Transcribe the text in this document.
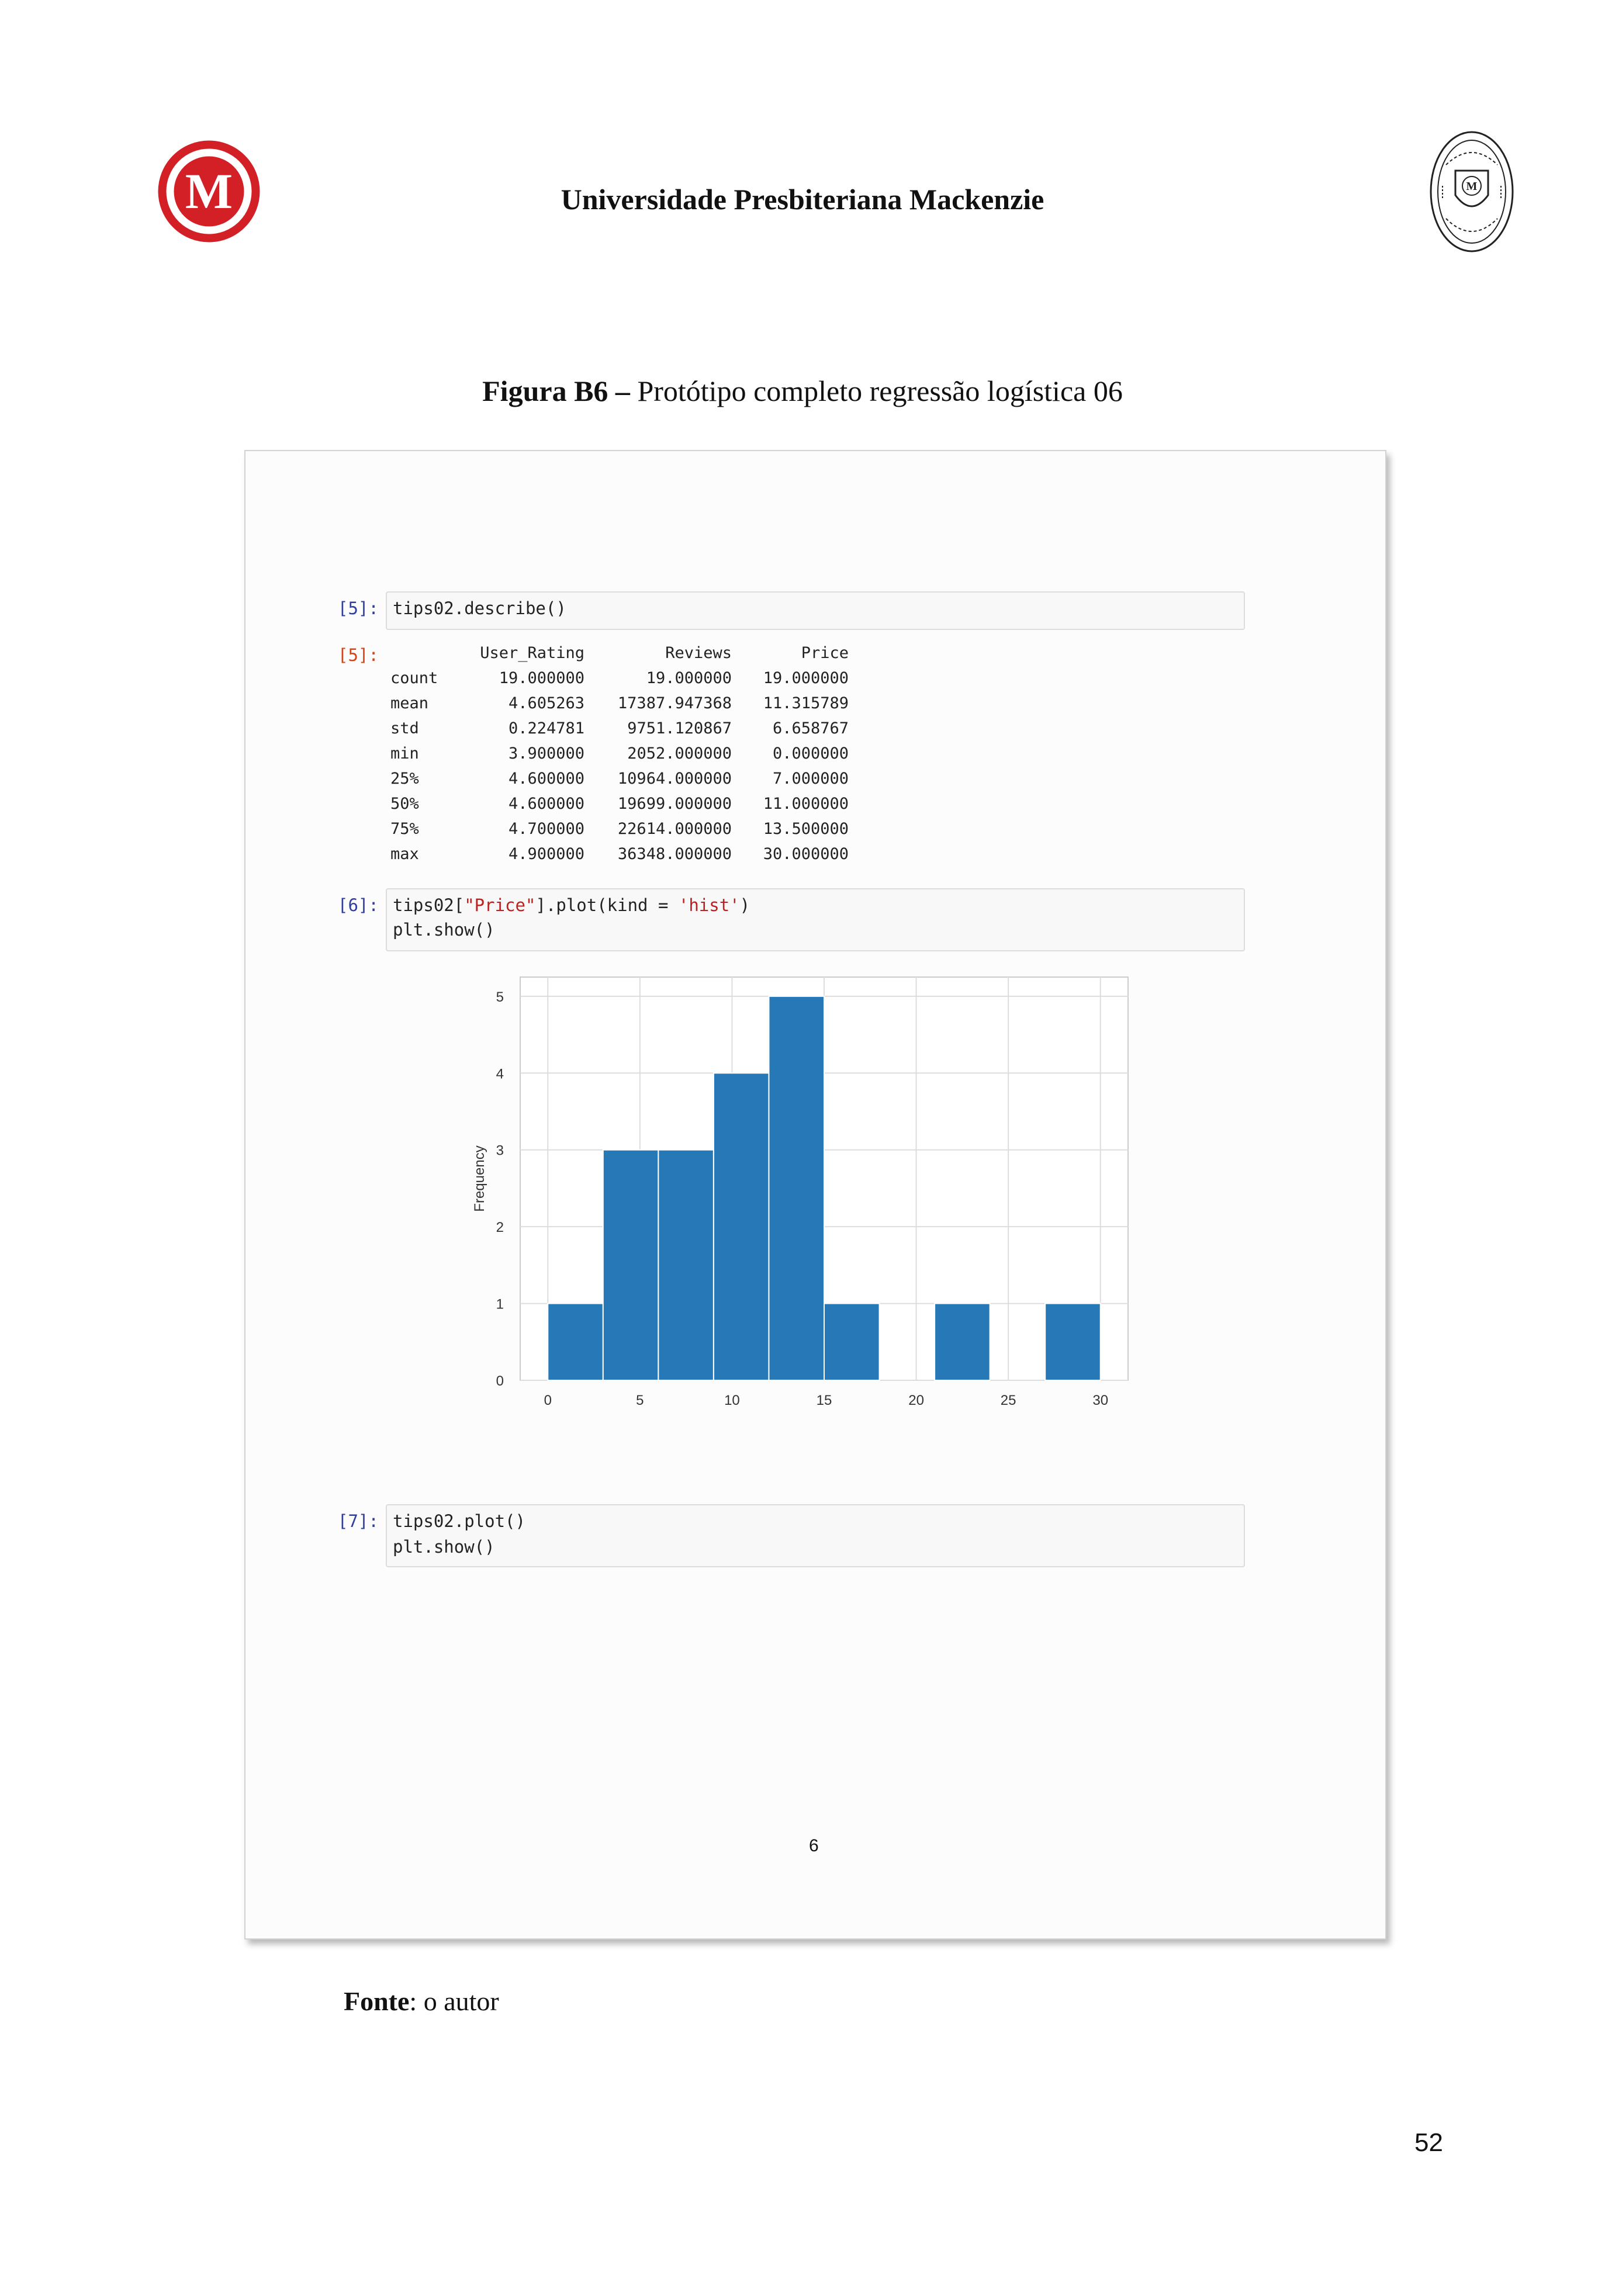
M	Universidade Presbiteriana Mackenzie	M
Figura B6 – Protótipo completo regressão logística 06
[5]: tips02.describe()
[5]:
		User_Rating	Reviews	Price
count	19.000000	19.000000	19.000000
mean	4.605263	17387.947368	11.315789
std	0.224781	9751.120867	6.658767
min	3.900000	2052.000000	0.000000
25%	4.600000	10964.000000	7.000000
50%	4.600000	19699.000000	11.000000
75%	4.700000	22614.000000	13.500000
max	4.900000	36348.000000	30.000000
[6]: tips02["Price"].plot(kind = 'hist')
plt.show()
0	5	10	15	20	25	30
0
1
2
3
4
5
Frequency
[7]: tips02.plot()
plt.show()
6
Fonte: o autor
52
